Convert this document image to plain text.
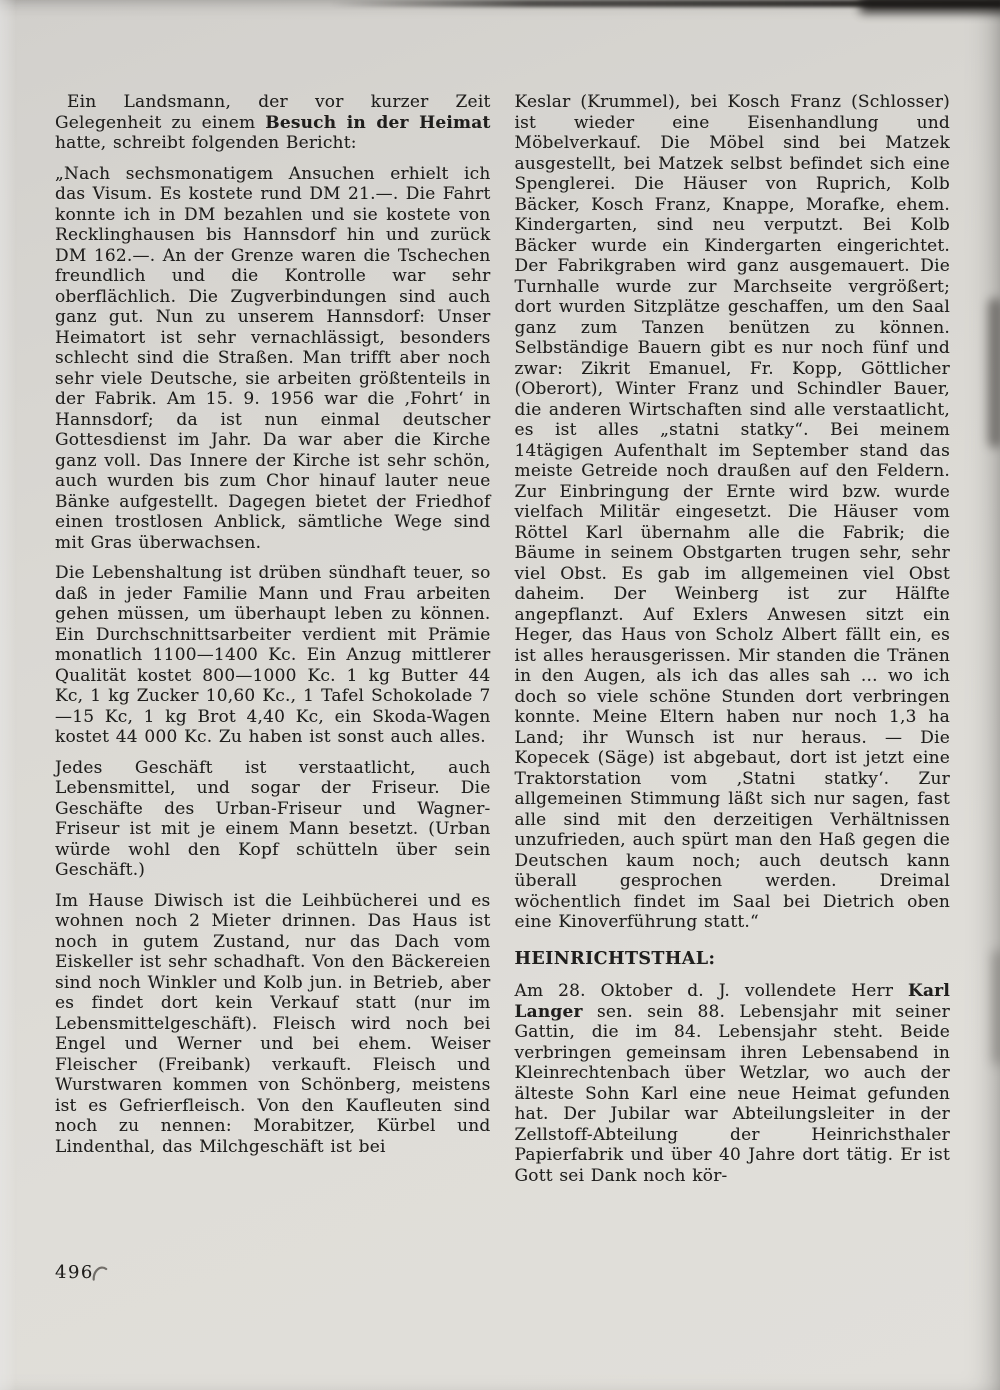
Ein Landsmann, der vor kurzer Zeit Gelegenheit zu einem Besuch in der Heimat hatte, schreibt folgenden Bericht:

„Nach sechsmonatigem Ansuchen erhielt ich das Visum. Es kostete rund DM 21.—. Die Fahrt konnte ich in DM bezahlen und sie kostete von Recklinghausen bis Hannsdorf hin und zurück DM 162.—. An der Grenze waren die Tschechen freundlich und die Kontrolle war sehr oberflächlich. Die Zugverbindungen sind auch ganz gut. Nun zu unserem Hannsdorf: Unser Heimatort ist sehr vernachlässigt, besonders schlecht sind die Straßen. Man trifft aber noch sehr viele Deutsche, sie arbeiten größtenteils in der Fabrik. Am 15. 9. 1956 war die ‚Fohrt‘ in Hannsdorf; da ist nun einmal deutscher Gottesdienst im Jahr. Da war aber die Kirche ganz voll. Das Innere der Kirche ist sehr schön, auch wurden bis zum Chor hinauf lauter neue Bänke aufgestellt. Dagegen bietet der Friedhof einen trostlosen Anblick, sämtliche Wege sind mit Gras überwachsen.

Die Lebenshaltung ist drüben sündhaft teuer, so daß in jeder Familie Mann und Frau arbeiten gehen müssen, um überhaupt leben zu können. Ein Durchschnittsarbeiter verdient mit Prämie monatlich 1100—1400 Kc. Ein Anzug mittlerer Qualität kostet 800—1000 Kc. 1 kg Butter 44 Kc, 1 kg Zucker 10,60 Kc., 1 Tafel Schokolade 7—15 Kc, 1 kg Brot 4,40 Kc, ein Skoda-Wagen kostet 44 000 Kc. Zu haben ist sonst auch alles.

Jedes Geschäft ist verstaatlicht, auch Lebensmittel, und sogar der Friseur. Die Geschäfte des Urban-Friseur und Wagner-Friseur ist mit je einem Mann besetzt. (Urban würde wohl den Kopf schütteln über sein Geschäft.)

Im Hause Diwisch ist die Leihbücherei und es wohnen noch 2 Mieter drinnen. Das Haus ist noch in gutem Zustand, nur das Dach vom Eiskeller ist sehr schadhaft. Von den Bäckereien sind noch Winkler und Kolb jun. in Betrieb, aber es findet dort kein Verkauf statt (nur im Lebensmittelgeschäft). Fleisch wird noch bei Engel und Werner und bei ehem. Weiser Fleischer (Freibank) verkauft. Fleisch und Wurstwaren kommen von Schönberg, meistens ist es Gefrierfleisch. Von den Kaufleuten sind noch zu nennen: Morabitzer, Kürbel und Lindenthal, das Milchgeschäft ist bei

Keslar (Krummel), bei Kosch Franz (Schlosser) ist wieder eine Eisenhandlung und Möbelverkauf. Die Möbel sind bei Matzek ausgestellt, bei Matzek selbst befindet sich eine Spenglerei. Die Häuser von Ruprich, Kolb Bäcker, Kosch Franz, Knappe, Morafke, ehem. Kindergarten, sind neu verputzt. Bei Kolb Bäcker wurde ein Kindergarten eingerichtet. Der Fabrikgraben wird ganz ausgemauert. Die Turnhalle wurde zur Marchseite vergrößert; dort wurden Sitzplätze geschaffen, um den Saal ganz zum Tanzen benützen zu können. Selbständige Bauern gibt es nur noch fünf und zwar: Zikrit Emanuel, Fr. Kopp, Göttlicher (Oberort), Winter Franz und Schindler Bauer, die anderen Wirtschaften sind alle verstaatlicht, es ist alles „statni statky“. Bei meinem 14tägigen Aufenthalt im September stand das meiste Getreide noch draußen auf den Feldern. Zur Einbringung der Ernte wird bzw. wurde vielfach Militär eingesetzt. Die Häuser vom Röttel Karl übernahm alle die Fabrik; die Bäume in seinem Obstgarten trugen sehr, sehr viel Obst. Es gab im allgemeinen viel Obst daheim. Der Weinberg ist zur Hälfte angepflanzt. Auf Exlers Anwesen sitzt ein Heger, das Haus von Scholz Albert fällt ein, es ist alles herausgerissen. Mir standen die Tränen in den Augen, als ich das alles sah ... wo ich doch so viele schöne Stunden dort verbringen konnte. Meine Eltern haben nur noch 1,3 ha Land; ihr Wunsch ist nur heraus. — Die Kopecek (Säge) ist abgebaut, dort ist jetzt eine Traktorstation vom ‚Statni statky‘. Zur allgemeinen Stimmung läßt sich nur sagen, fast alle sind mit den derzeitigen Verhältnissen unzufrieden, auch spürt man den Haß gegen die Deutschen kaum noch; auch deutsch kann überall gesprochen werden. Dreimal wöchentlich findet im Saal bei Dietrich oben eine Kinoverführung statt.“

HEINRICHTSTHAL:

Am 28. Oktober d. J. vollendete Herr Karl Langer sen. sein 88. Lebensjahr mit seiner Gattin, die im 84. Lebensjahr steht. Beide verbringen gemeinsam ihren Lebensabend in Kleinrechtenbach über Wetzlar, wo auch der älteste Sohn Karl eine neue Heimat gefunden hat. Der Jubilar war Abteilungsleiter in der Zellstoff-Abteilung der Heinrichsthaler Papierfabrik und über 40 Jahre dort tätig. Er ist Gott sei Dank noch kör-

496
